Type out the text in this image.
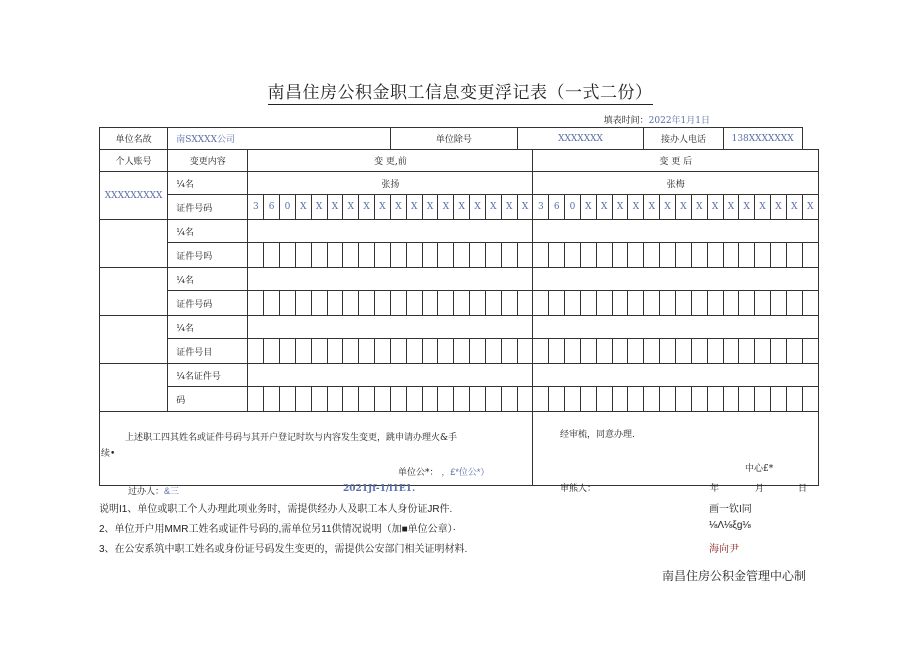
南昌住房公积金职工信息变更浮记表（一式二份）
填表时间：2022年1月1日
单位名故	南SXXXX公司										单位除号								XXXXXXX								接办人电话					138XXXXXXX					
个人账号	变更内容	变 更,前																		变 更 后																	
XXXXXXXXX	¼名	张扬																		张梅																	
	证件号码	3	6	0	X	X	X	X	X	X	X	X	X	X	X	X	X	X	X	3	6	0	X	X	X	X	X	X	X	X	X	X	X	X	X	X	X
	¼名																																				
	证件号吗																																				
	¼名																																				
	证件号码																																				
	¼名																																				
	证件号目																																				
	¼名证件号																																				
	码																																				

上述职工四其姓名或证件号码与其开户登记时坎与内容发生变更，跳申请办理火&手
续•
单位公*： ，£*位公*）
过办人：&三	2021Jf-1/l1E1.
经审梳，同意办理.
中心£*
审熊人：	年	月	日
说明I1、单位或职工个人办理此项业务时，需提供经办人及职工本人身份证JR件.	画一钦I同
2、单位开户用MMR工姓名或证件号码的,需单位另11供情况说明（加■单位公章）·	⅛Λ⅛ξg⅛
3、在公安系筑中职工姓名或身份证号码发生变更的，需提供公安部门相关证明材料.	海向尹
南昌住房公积金管理中心制
